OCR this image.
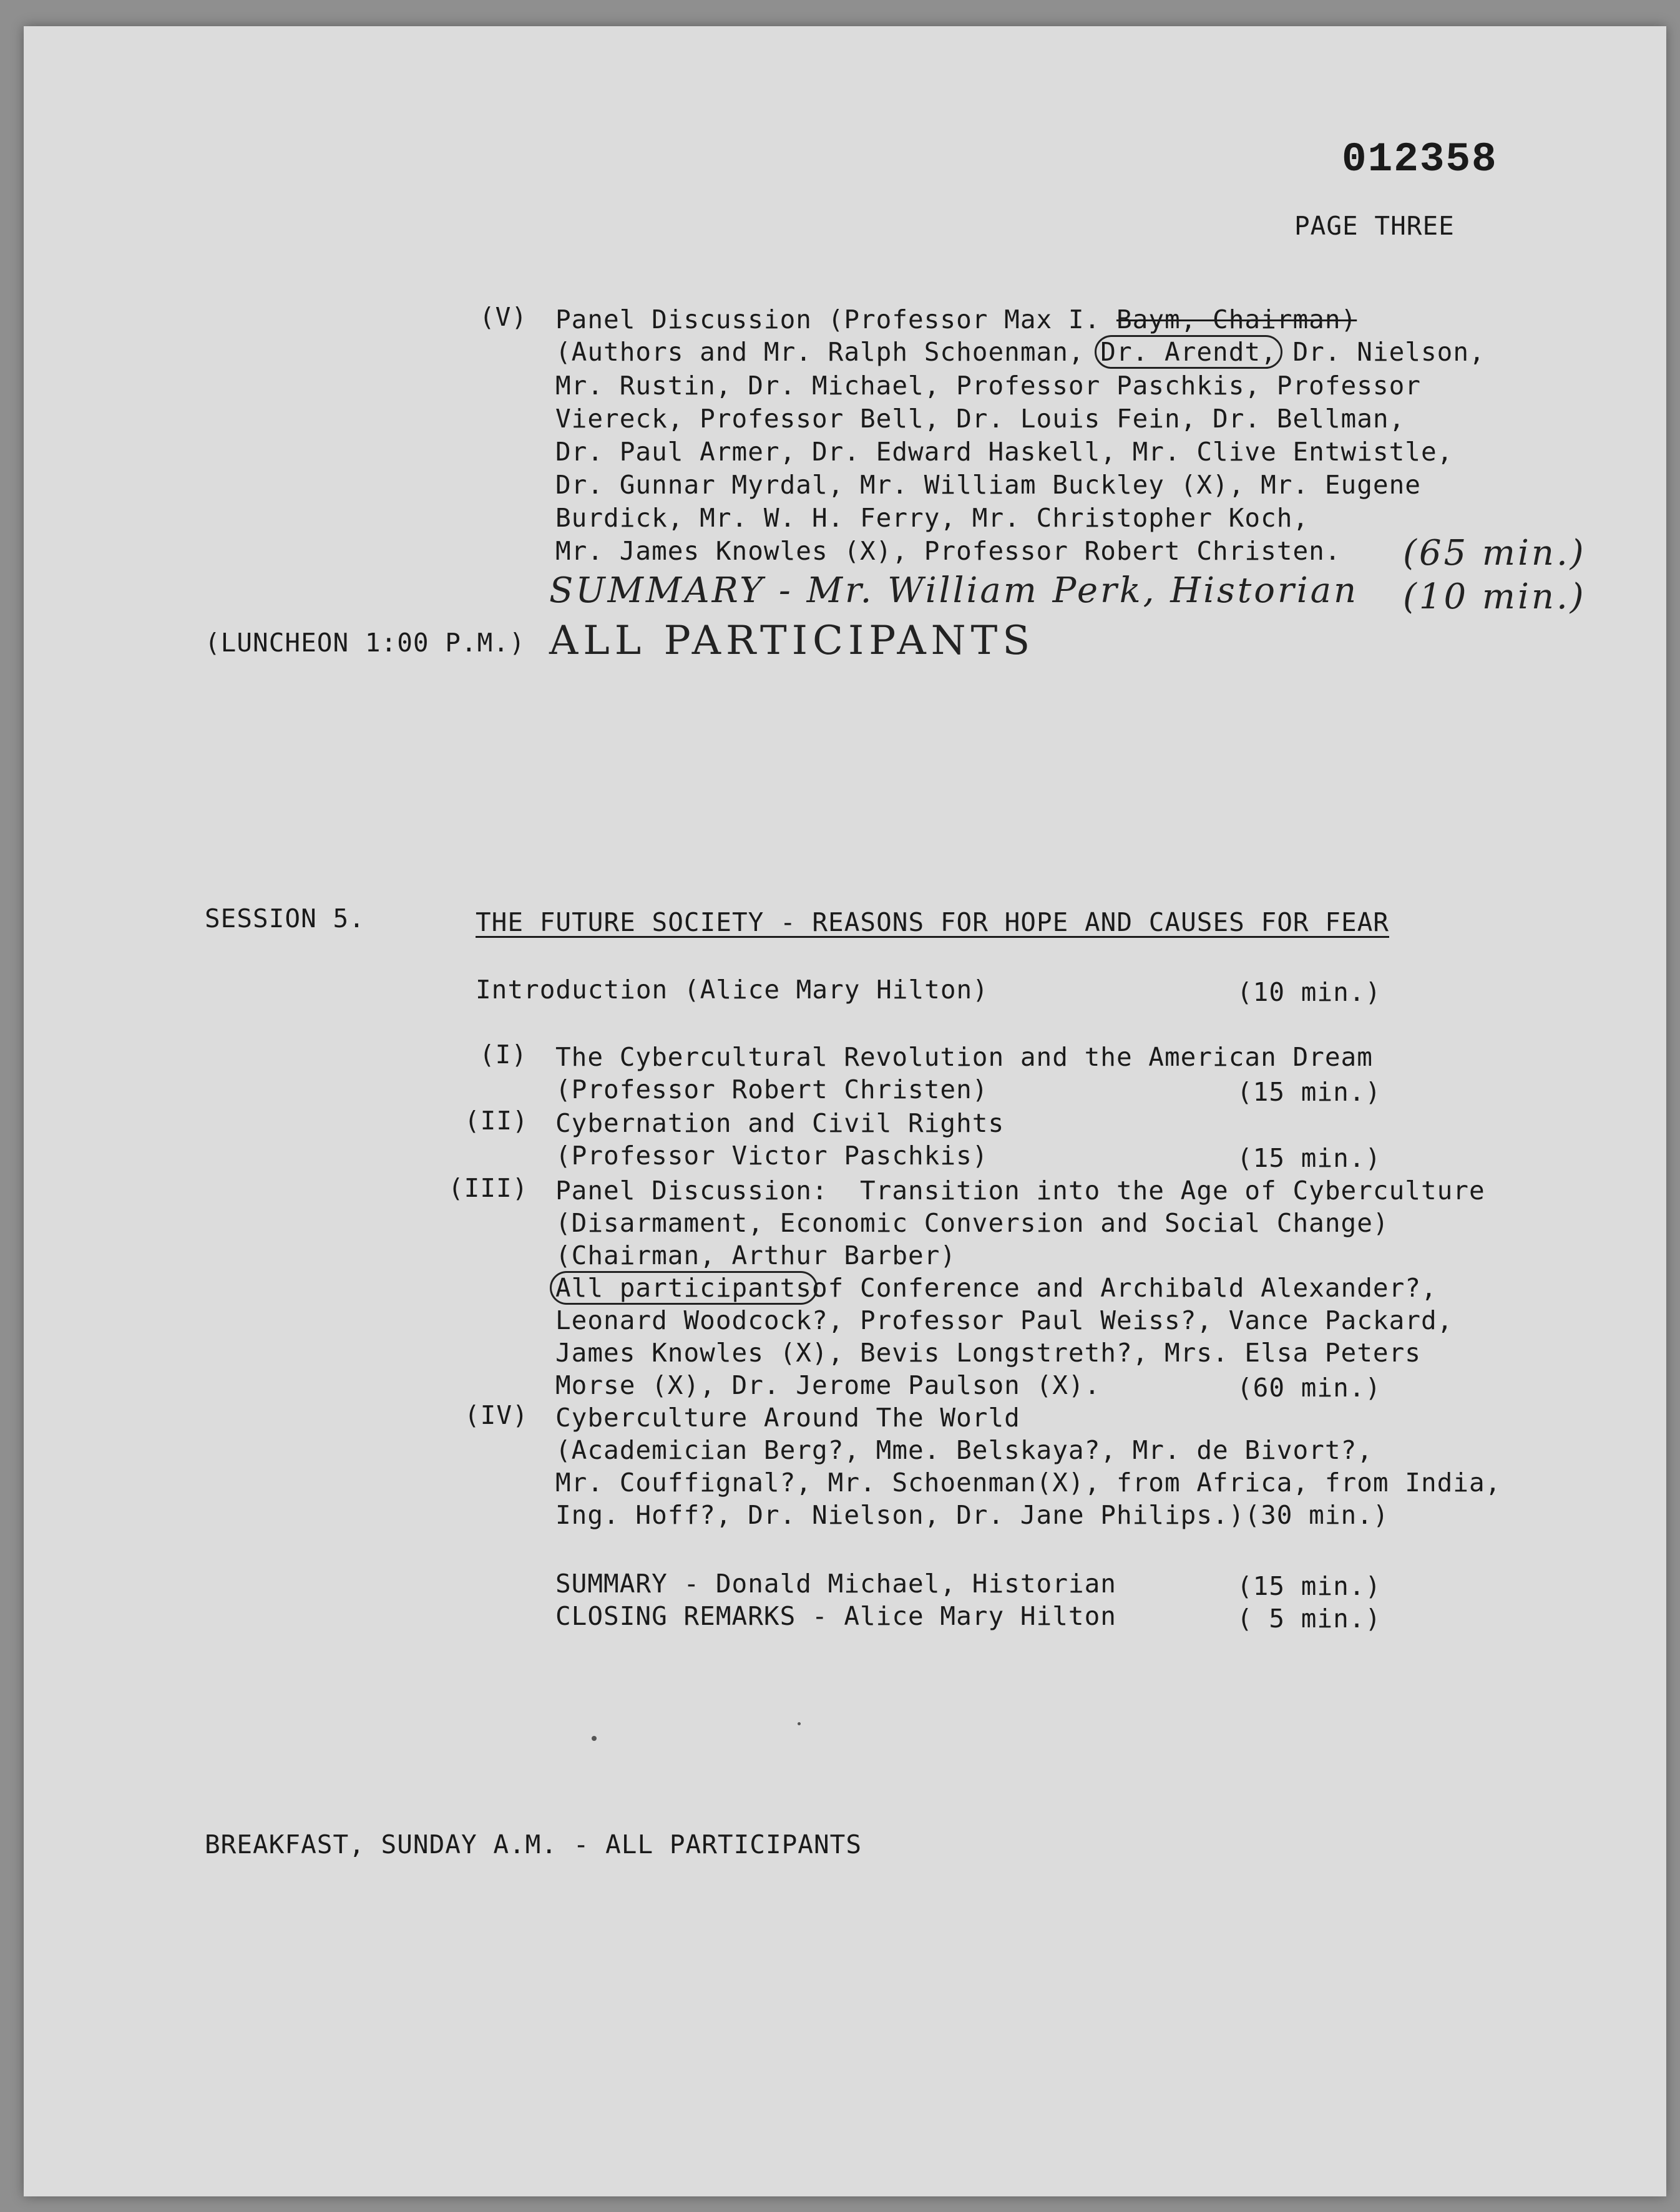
012358
PAGE THREE
(V) Panel Discussion (Professor Max I. Baym, Chairman)
(Authors and Mr. Ralph Schoenman, Dr. Arendt, Dr. Nielson,
Mr. Rustin, Dr. Michael, Professor Paschkis, Professor
Viereck, Professor Bell, Dr. Louis Fein, Dr. Bellman,
Dr. Paul Armer, Dr. Edward Haskell, Mr. Clive Entwistle,
Dr. Gunnar Myrdal, Mr. William Buckley (X), Mr. Eugene
Burdick, Mr. W. H. Ferry, Mr. Christopher Koch,
Mr. James Knowles (X), Professor Robert Christen. (65 min.)
SUMMARY - Mr. William Perk, Historian (10 min.)
(LUNCHEON 1:00 P.M.) ALL PARTICIPANTS
SESSION 5.	THE FUTURE SOCIETY - REASONS FOR HOPE AND CAUSES FOR FEAR
Introduction (Alice Mary Hilton)	(10 min.)
(I) The Cybercultural Revolution and the American Dream
(Professor Robert Christen)	(15 min.)
(II) Cybernation and Civil Rights
(Professor Victor Paschkis)	(15 min.)
(III) Panel Discussion:  Transition into the Age of Cyberculture
(Disarmament, Economic Conversion and Social Change)
(Chairman, Arthur Barber)
All participantsof Conference and Archibald Alexander?,
Leonard Woodcock?, Professor Paul Weiss?, Vance Packard,
James Knowles (X), Bevis Longstreth?, Mrs. Elsa Peters
Morse (X), Dr. Jerome Paulson (X).	(60 min.)
(IV) Cyberculture Around The World
(Academician Berg?, Mme. Belskaya?, Mr. de Bivort?,
Mr. Couffignal?, Mr. Schoenman(X), from Africa, from India,
Ing. Hoff?, Dr. Nielson, Dr. Jane Philips.)(30 min.)
SUMMARY - Donald Michael, Historian	(15 min.)
CLOSING REMARKS - Alice Mary Hilton	( 5 min.)
BREAKFAST, SUNDAY A.M. - ALL PARTICIPANTS
